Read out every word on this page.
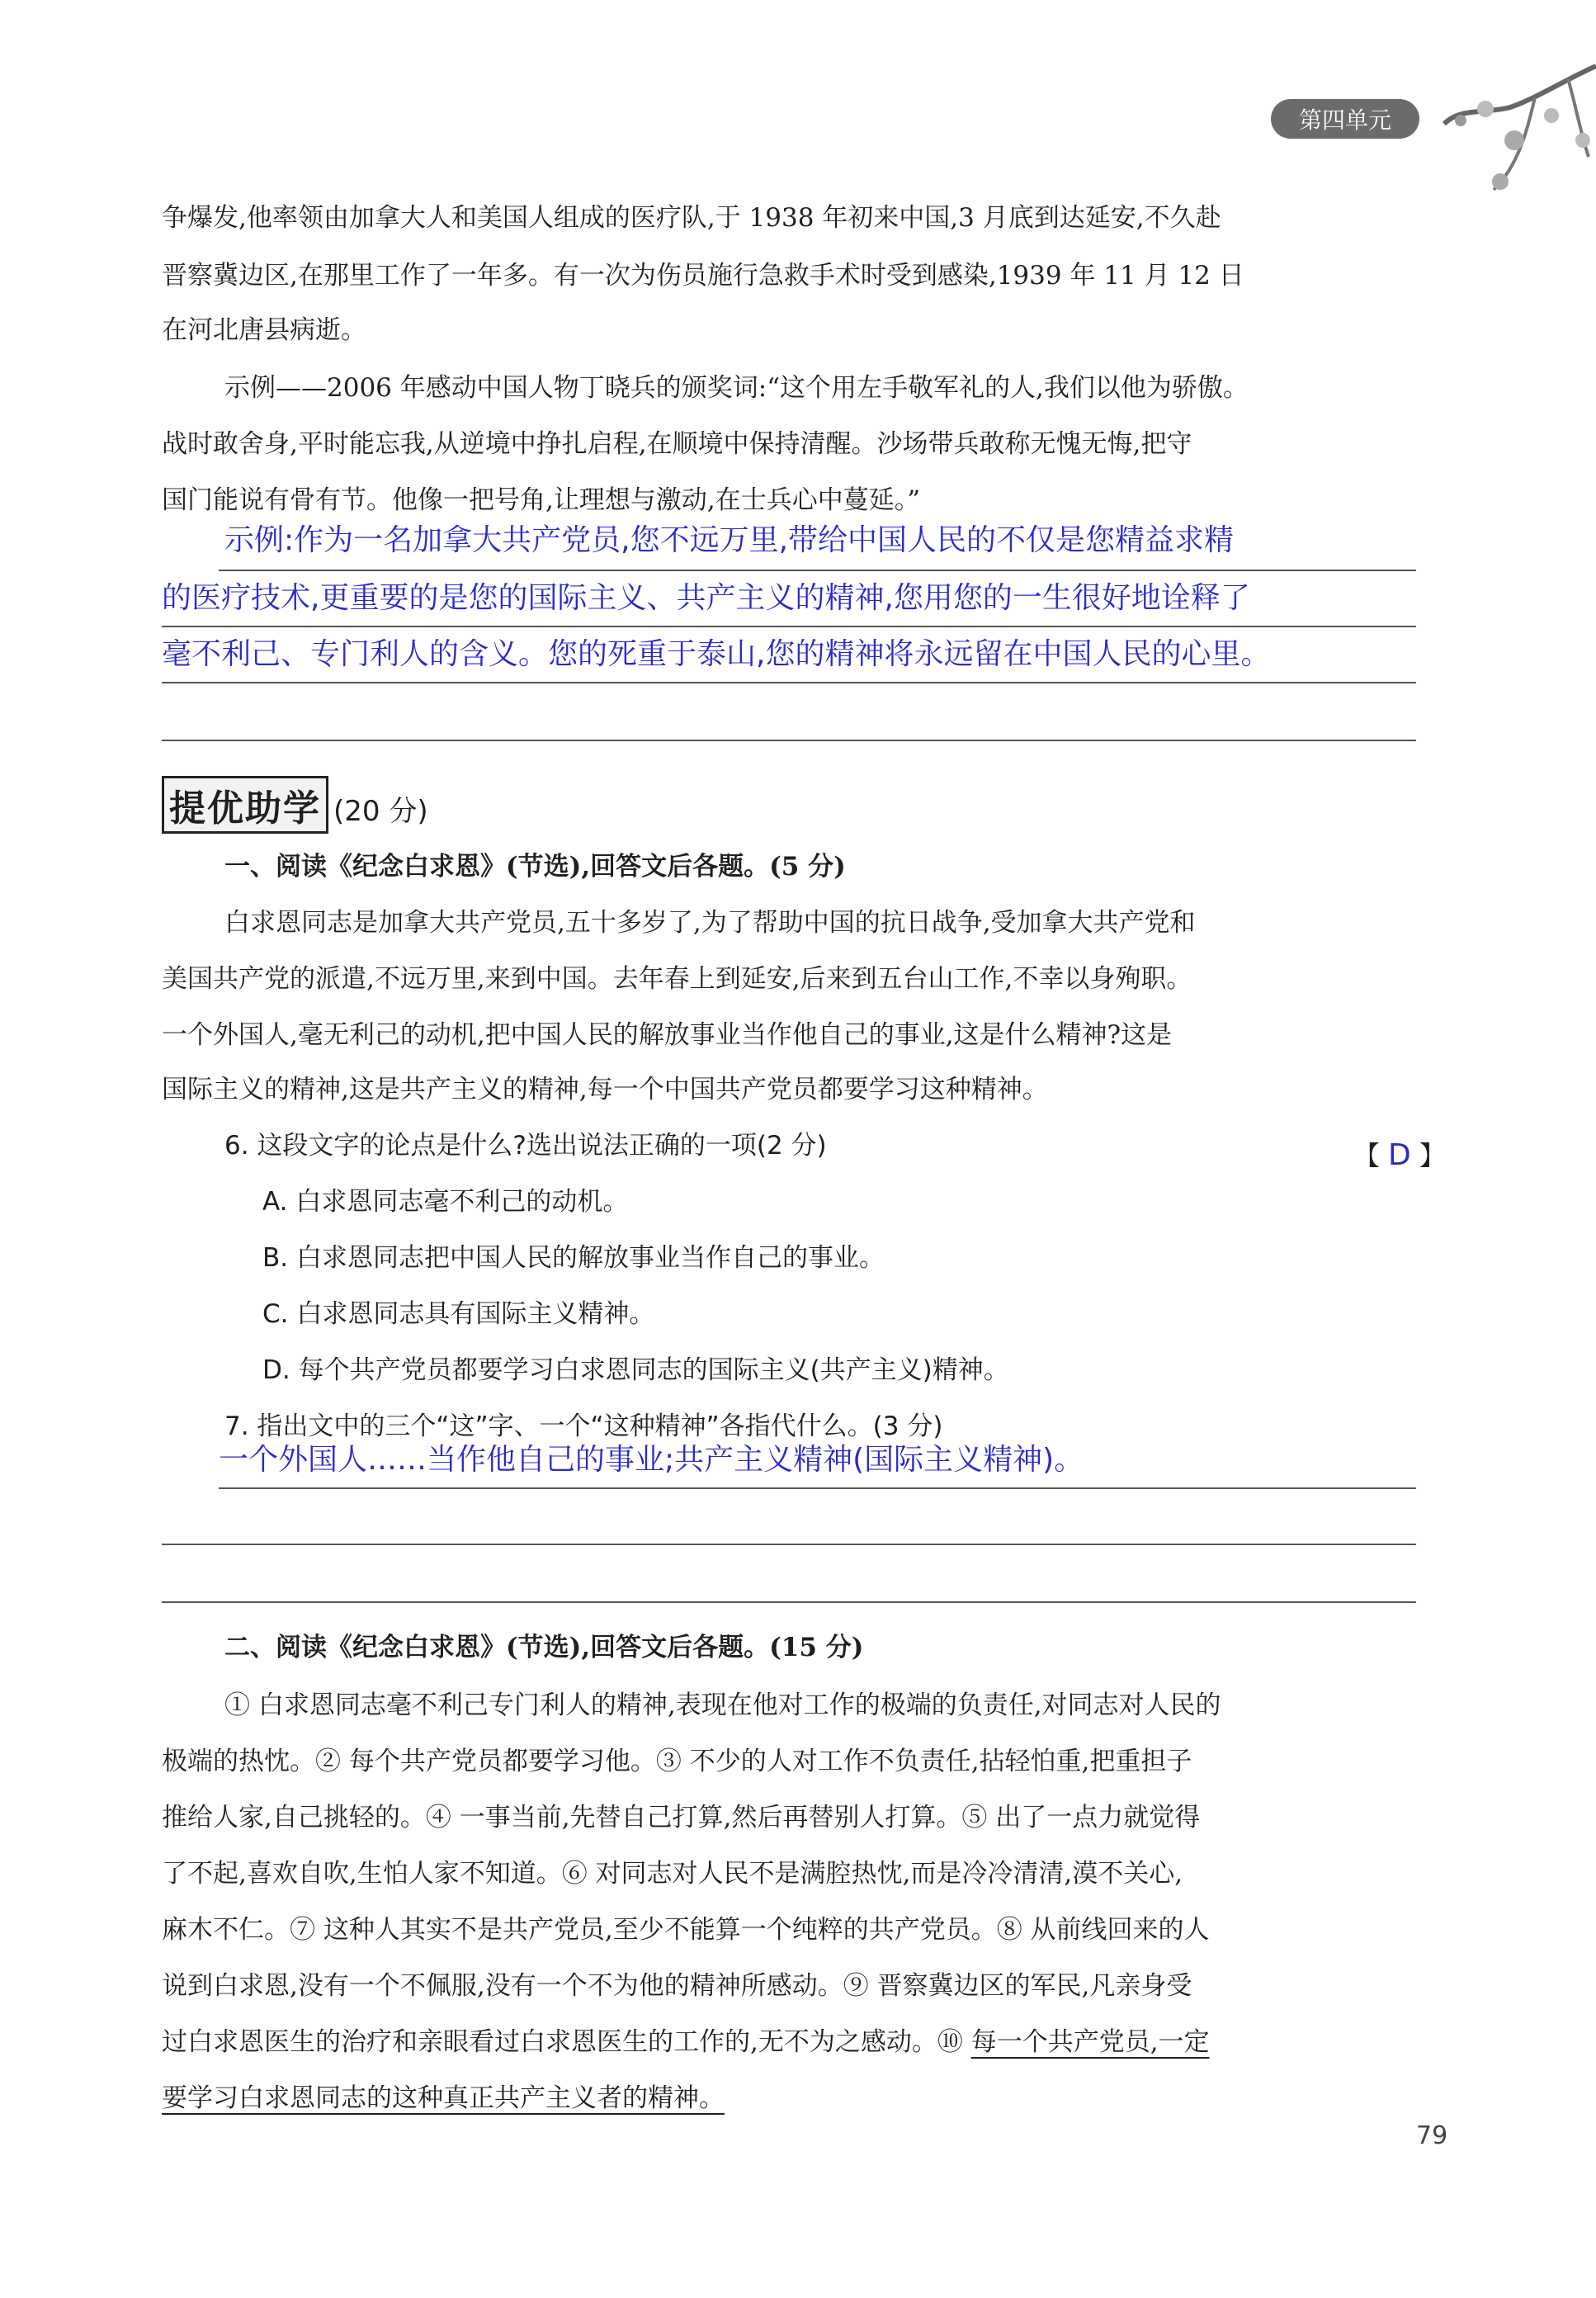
第四单元
争爆发,他率领由加拿大人和美国人组成的医疗队,于 1938 年初来中国,3 月底到达延安,不久赴
晋察冀边区,在那里工作了一年多。有一次为伤员施行急救手术时受到感染,1939 年 11 月 12 日
在河北唐县病逝。
示例——2006 年感动中国人物丁晓兵的颁奖词:“这个用左手敬军礼的人,我们以他为骄傲。
战时敢舍身,平时能忘我,从逆境中挣扎启程,在顺境中保持清醒。沙场带兵敢称无愧无悔,把守
国门能说有骨有节。他像一把号角,让理想与激动,在士兵心中蔓延。”
示例:作为一名加拿大共产党员,您不远万里,带给中国人民的不仅是您精益求精
的医疗技术,更重要的是您的国际主义、共产主义的精神,您用您的一生很好地诠释了
毫不利己、专门利人的含义。您的死重于泰山,您的精神将永远留在中国人民的心里。
提优助学 (20 分)
一、阅读《纪念白求恩》(节选),回答文后各题。(5 分)
白求恩同志是加拿大共产党员,五十多岁了,为了帮助中国的抗日战争,受加拿大共产党和
美国共产党的派遣,不远万里,来到中国。去年春上到延安,后来到五台山工作,不幸以身殉职。
一个外国人,毫无利己的动机,把中国人民的解放事业当作他自己的事业,这是什么精神?这是
国际主义的精神,这是共产主义的精神,每一个中国共产党员都要学习这种精神。
6. 这段文字的论点是什么?选出说法正确的一项(2 分)	【 D 】
A. 白求恩同志毫不利己的动机。
B. 白求恩同志把中国人民的解放事业当作自己的事业。
C. 白求恩同志具有国际主义精神。
D. 每个共产党员都要学习白求恩同志的国际主义(共产主义)精神。
7. 指出文中的三个“这”字、一个“这种精神”各指代什么。(3 分)
一个外国人……当作他自己的事业;共产主义精神(国际主义精神)。
二、阅读《纪念白求恩》(节选),回答文后各题。(15 分)
① 白求恩同志毫不利己专门利人的精神,表现在他对工作的极端的负责任,对同志对人民的
极端的热忱。② 每个共产党员都要学习他。③ 不少的人对工作不负责任,拈轻怕重,把重担子
推给人家,自己挑轻的。④ 一事当前,先替自己打算,然后再替别人打算。⑤ 出了一点力就觉得
了不起,喜欢自吹,生怕人家不知道。⑥ 对同志对人民不是满腔热忱,而是冷冷清清,漠不关心,
麻木不仁。⑦ 这种人其实不是共产党员,至少不能算一个纯粹的共产党员。⑧ 从前线回来的人
说到白求恩,没有一个不佩服,没有一个不为他的精神所感动。⑨ 晋察冀边区的军民,凡亲身受
过白求恩医生的治疗和亲眼看过白求恩医生的工作的,无不为之感动。⑩ 每一个共产党员,一定
要学习白求恩同志的这种真正共产主义者的精神。
79
